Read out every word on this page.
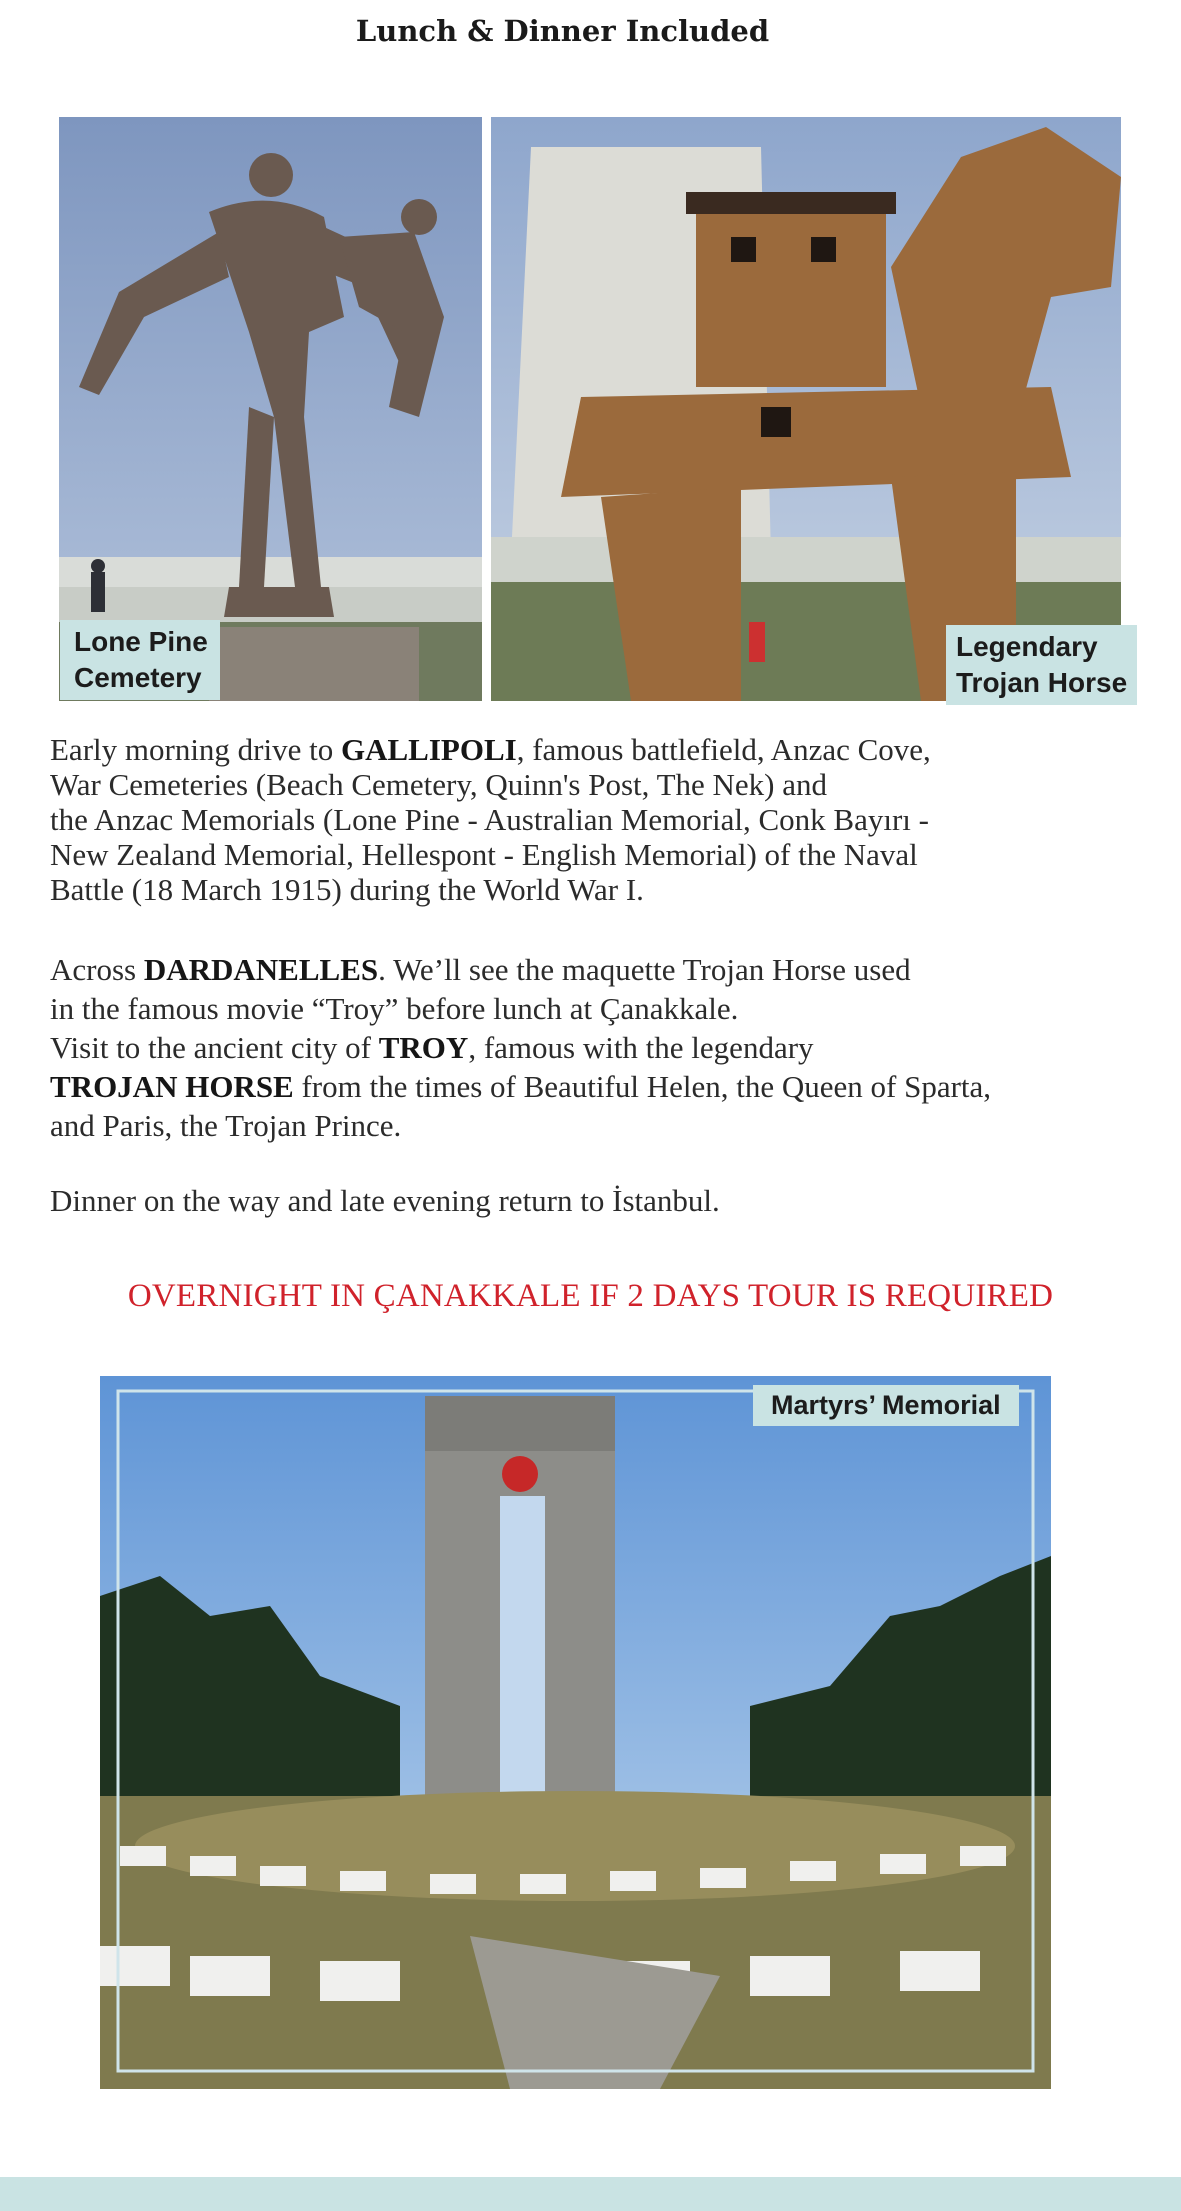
Lunch & Dinner Included
Lone Pine
Cemetery
Legendary
Trojan Horse
Early morning drive to GALLIPOLI, famous battlefield, Anzac Cove,
War Cemeteries (Beach Cemetery, Quinn's Post, The Nek) and
the Anzac Memorials (Lone Pine - Australian Memorial, Conk Bayırı -
New Zealand Memorial, Hellespont - English Memorial) of the Naval
Battle (18 March 1915) during the World War I.
Across DARDANELLES. We’ll see the maquette Trojan Horse used
in the famous movie “Troy” before lunch at Çanakkale.
Visit to the ancient city of TROY, famous with the legendary
TROJAN HORSE from the times of Beautiful Helen, the Queen of Sparta,
and Paris, the Trojan Prince.
Dinner on the way and late evening return to İstanbul.
OVERNIGHT IN ÇANAKKALE IF 2 DAYS TOUR IS REQUIRED
Martyrs’ Memorial
